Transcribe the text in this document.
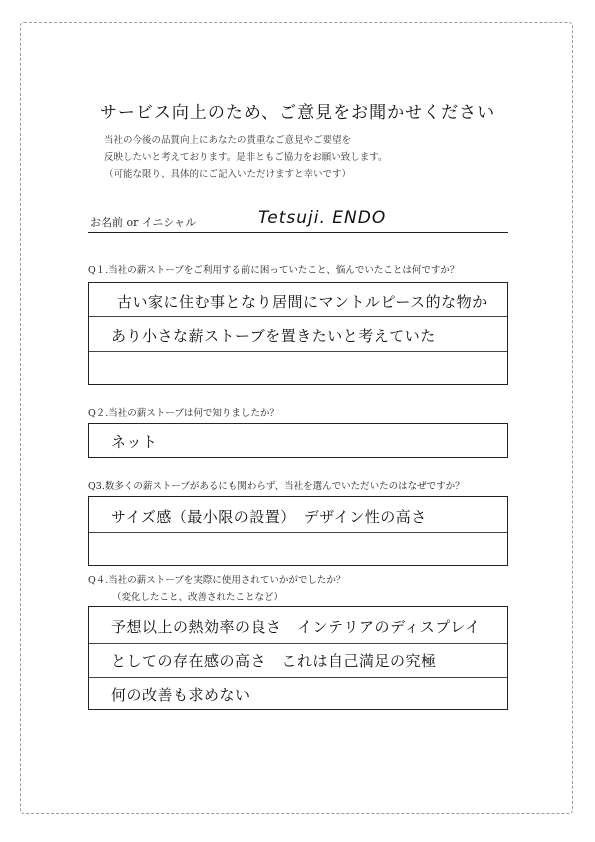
サービス向上のため、ご意見をお聞かせください
当社の今後の品質向上にあなたの貴重なご意見やご要望を
反映したいと考えております。是非ともご協力をお願い致します。
（可能な限り、具体的にご記入いただけますと幸いです）
お名前 or イニシャル	Tetsuji. ENDO
Q１.当社の薪ストーブをご利用する前に困っていたこと、悩んでいたことは何ですか？
古い家に住む事となり居間にマントルピース的な物か
あり小さな薪ストーブを置きたいと考えていた
Q２.当社の薪ストーブは何で知りましたか？
ネット
Q3.数多くの薪ストーブがあるにも関わらず、当社を選んでいただいたのはなぜですか？
サイズ感（最小限の設置）　デザイン性の高さ
Q４.当社の薪ストーブを実際に使用されていかがでしたか？
（変化したこと、改善されたことなど）
予想以上の熱効率の良さ　インテリアのディスプレイ
としての存在感の高さ　これは自己満足の究極
何の改善も求めない
